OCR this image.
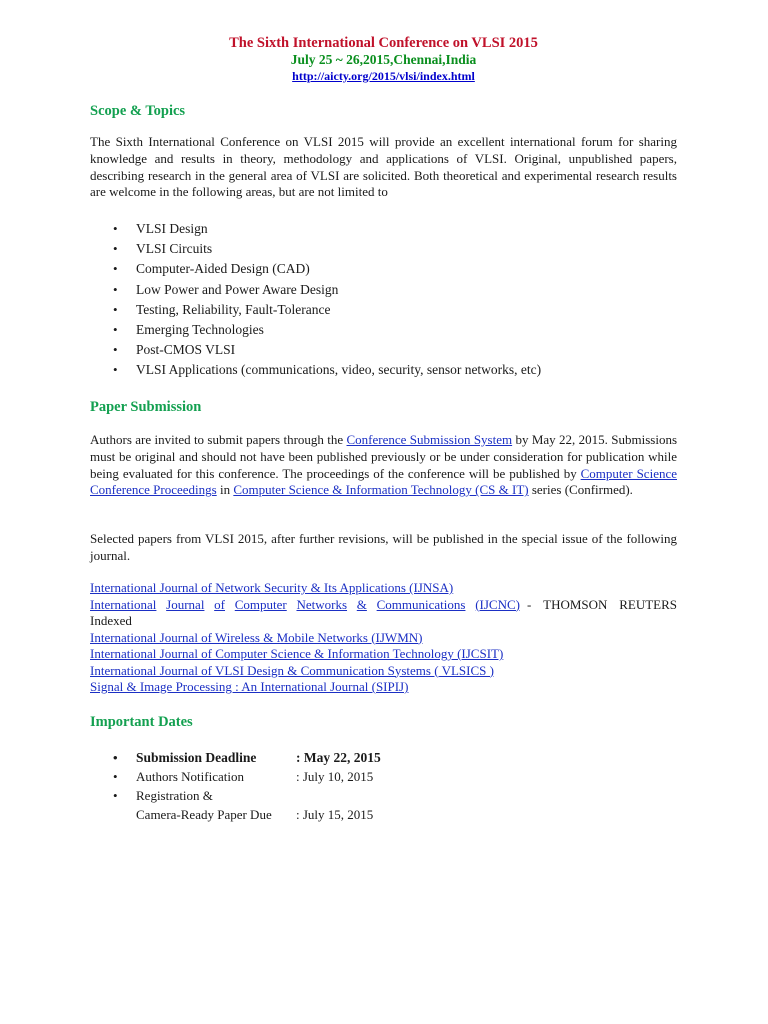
The Sixth International Conference on VLSI 2015
July 25 ~ 26,2015,Chennai,India
http://aicty.org/2015/vlsi/index.html
Scope & Topics
The Sixth International Conference on VLSI 2015 will provide an excellent international forum for sharing knowledge and results in theory, methodology and applications of VLSI. Original, unpublished papers, describing research in the general area of VLSI are solicited. Both theoretical and experimental research results are welcome in the following areas, but are not limited to
• VLSI Design
• VLSI Circuits
• Computer-Aided Design (CAD)
• Low Power and Power Aware Design
• Testing, Reliability, Fault-Tolerance
• Emerging Technologies
• Post-CMOS VLSI
• VLSI Applications (communications, video, security, sensor networks, etc)
Paper Submission
Authors are invited to submit papers through the Conference Submission System by May 22, 2015. Submissions must be original and should not have been published previously or be under consideration for publication while being evaluated for this conference. The proceedings of the conference will be published by Computer Science Conference Proceedings in Computer Science & Information Technology (CS & IT) series (Confirmed).
Selected papers from VLSI 2015, after further revisions, will be published in the special issue of the following journal.
International Journal of Network Security & Its Applications (IJNSA)
International Journal of Computer Networks & Communications (IJCNC) - THOMSON REUTERS
Indexed
International Journal of Wireless & Mobile Networks (IJWMN)
International Journal of Computer Science & Information Technology (IJCSIT)
International Journal of VLSI Design & Communication Systems ( VLSICS )
Signal & Image Processing : An International Journal (SIPIJ)
Important Dates
• Submission Deadline	: May 22, 2015
• Authors Notification	: July 10, 2015
• Registration &
Camera-Ready Paper Due : July 15, 2015
